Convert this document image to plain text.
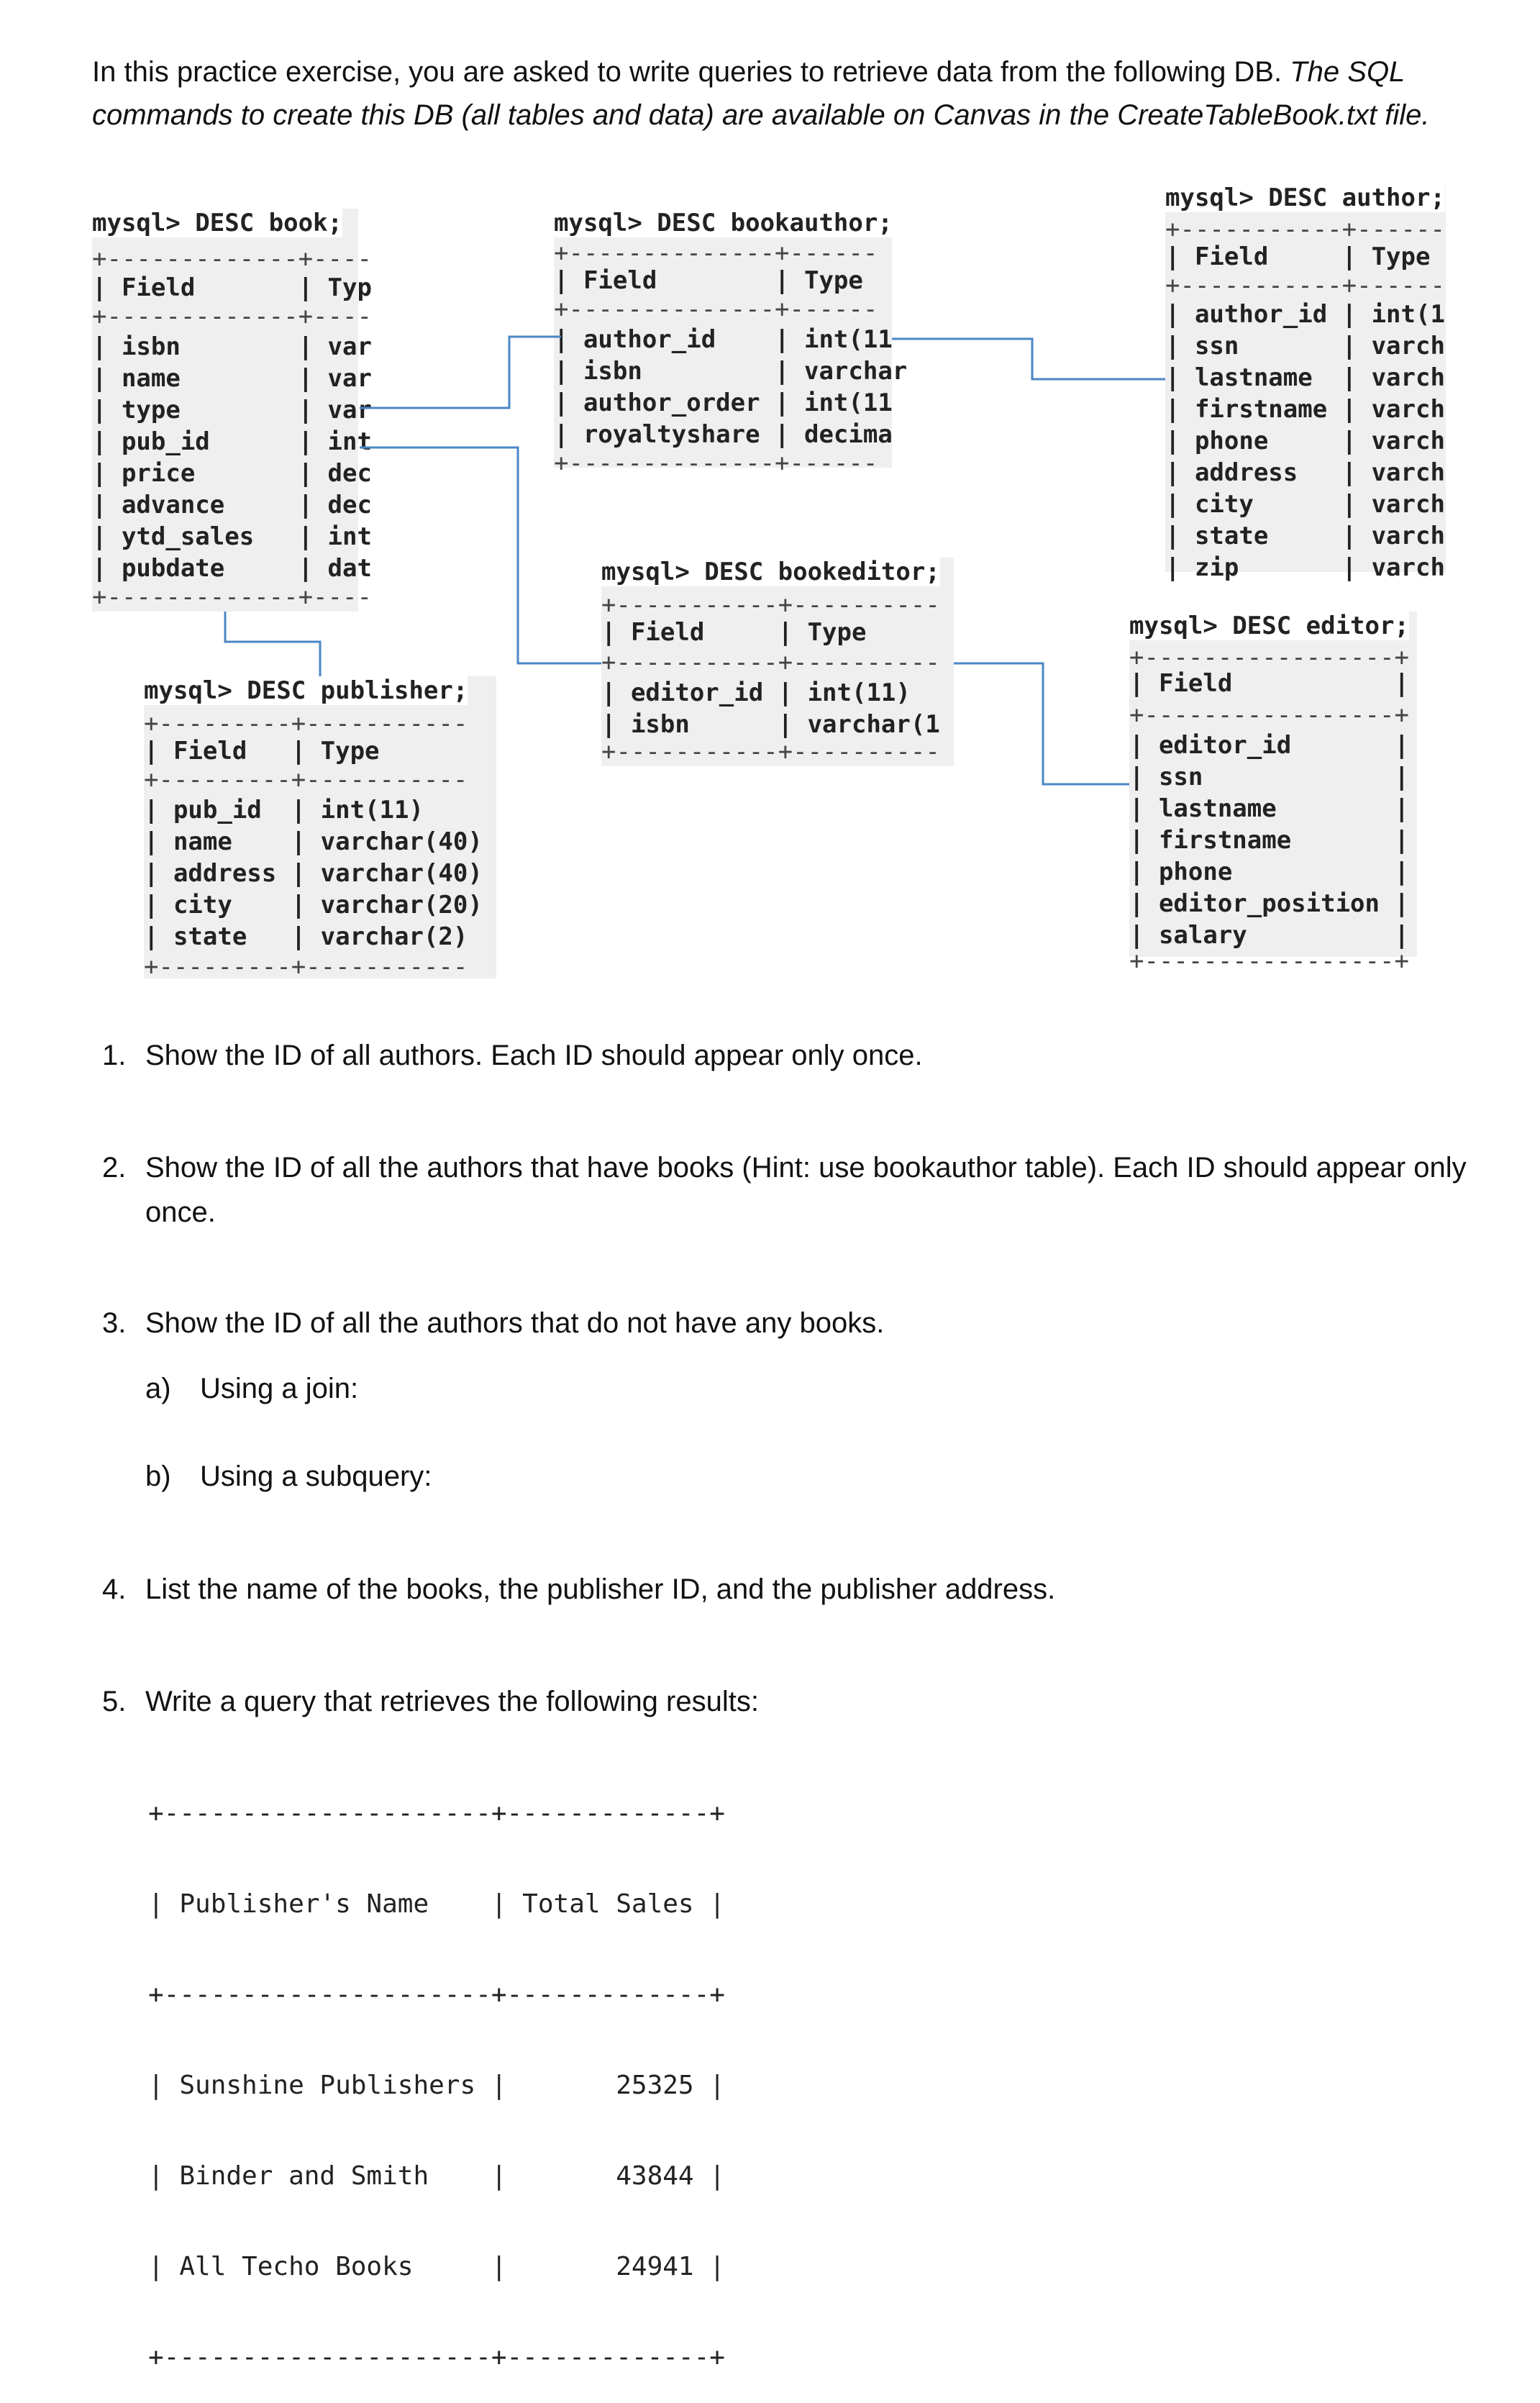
In this practice exercise, you are asked to write queries to retrieve data from the following DB. The SQL commands to create this DB (all tables and data) are available on Canvas in the CreateTableBook.txt file.
mysql> DESC book;
+-------------+----
| Field       | Typ
+-------------+----
| isbn        | var
| name        | var
| type        | var
| pub_id      | int
| price       | dec
| advance     | dec
| ytd_sales   | int
| pubdate     | dat
+-------------+----
mysql> DESC bookauthor;
+--------------+------
| Field        | Type
+--------------+------
| author_id    | int(11
| isbn         | varchar
| author_order | int(11
| royaltyshare | decima
+--------------+------
mysql> DESC author;
+-----------+------
| Field     | Type
+-----------+------
| author_id | int(1
| ssn       | varch
| lastname  | varch
| firstname | varch
| phone     | varch
| address   | varch
| city      | varch
| state     | varch
| zip       | varch
mysql> DESC bookeditor;
+-----------+----------
| Field     | Type
+-----------+----------
| editor_id | int(11)
| isbn      | varchar(1
+-----------+----------
mysql> DESC publisher;
+---------+-----------
| Field   | Type
+---------+-----------
| pub_id  | int(11)
| name    | varchar(40)
| address | varchar(40)
| city    | varchar(20)
| state   | varchar(2)
+---------+-----------
mysql> DESC editor;
+-----------------+
| Field           |
+-----------------+
| editor_id       |
| ssn             |
| lastname        |
| firstname       |
| phone           |
| editor_position |
| salary          |
+-----------------+
1. Show the ID of all authors. Each ID should appear only once.
2. Show the ID of all the authors that have books (Hint: use bookauthor table). Each ID should appear only once.
3. Show the ID of all the authors that do not have any books.
a) Using a join:
b) Using a subquery:
4. List the name of the books, the publisher ID, and the publisher address.
5. Write a query that retrieves the following results:

+---------------------+-------------+

| Publisher's Name    | Total Sales |

+---------------------+-------------+

| Sunshine Publishers |       25325 |

| Binder and Smith    |       43844 |

| All Techo Books     |       24941 |

+---------------------+-------------+
